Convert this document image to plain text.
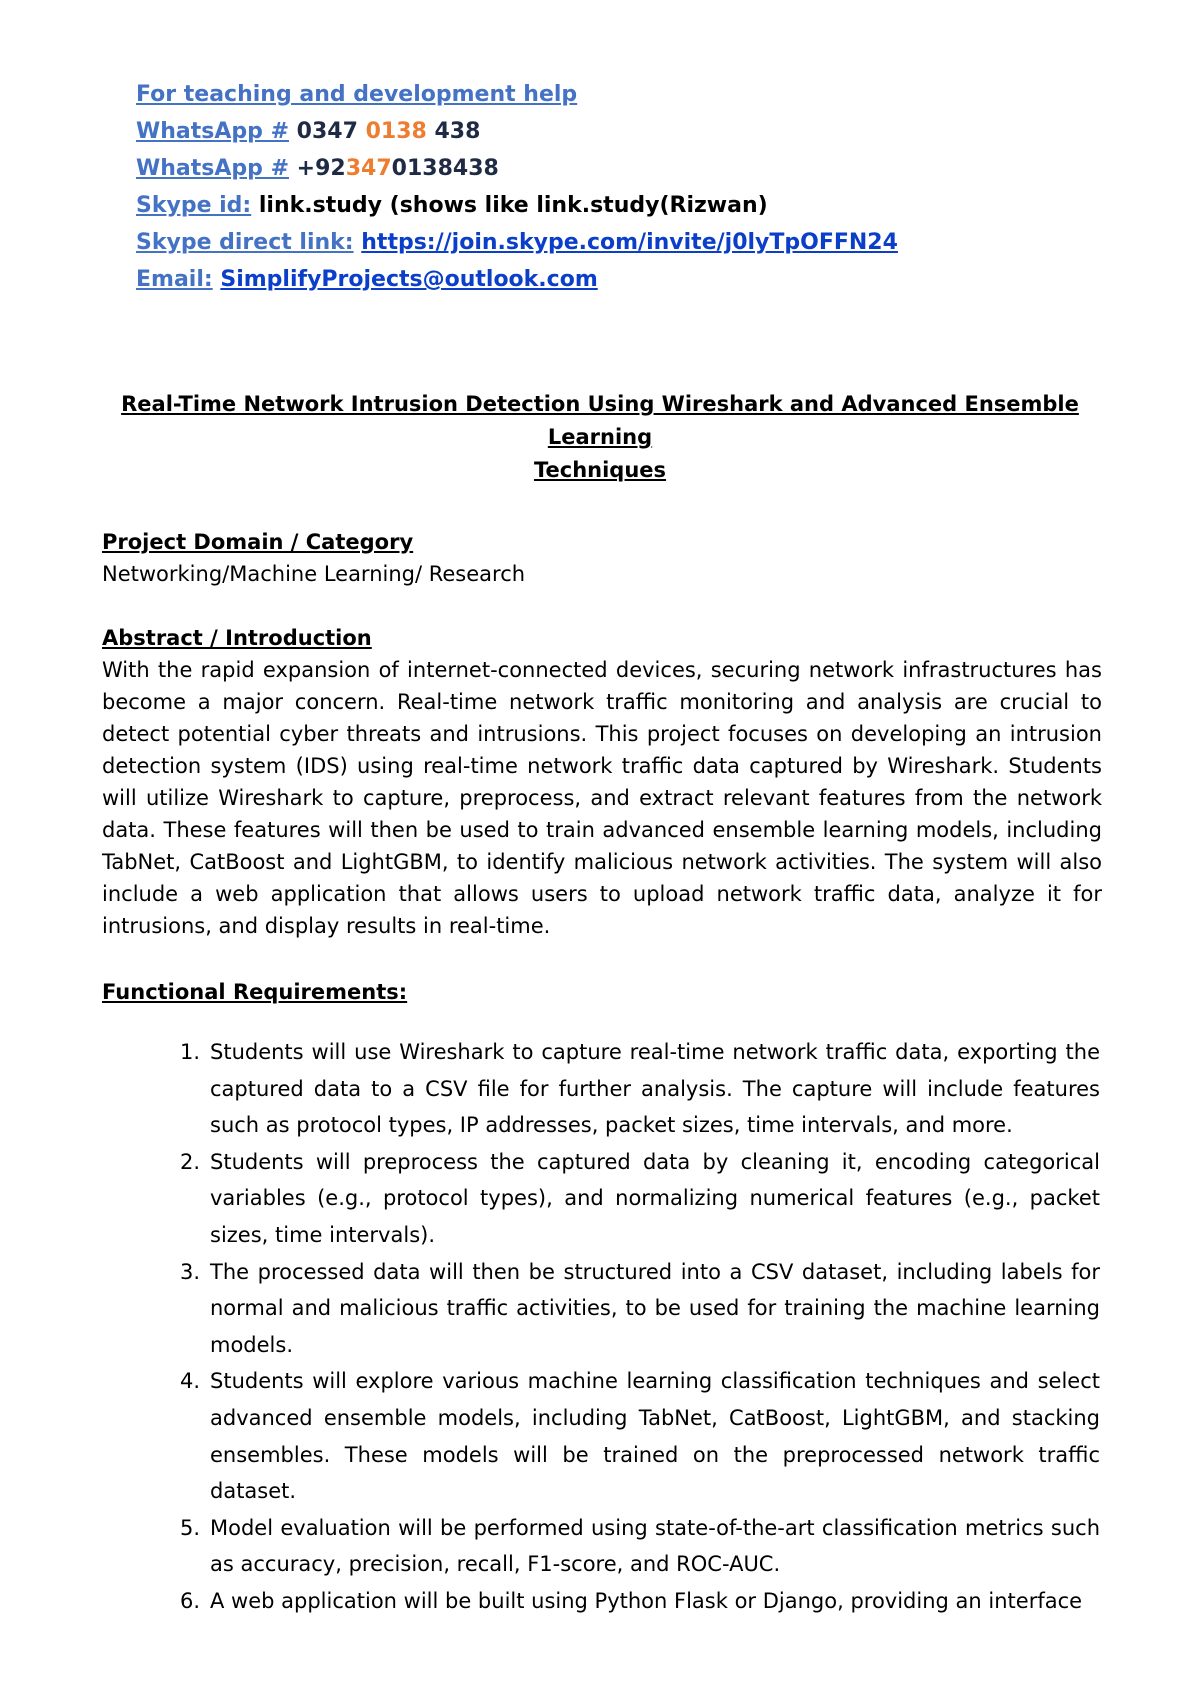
For teaching and development help
WhatsApp # 0347 0138 438
WhatsApp # +923470138438
Skype id: link.study (shows like link.study(Rizwan)
Skype direct link: https://join.skype.com/invite/j0lyTpOFFN24
Email: SimplifyProjects@outlook.com
Real-Time Network Intrusion Detection Using Wireshark and Advanced Ensemble Learning
Techniques
Project Domain / Category
Networking/Machine Learning/ Research
Abstract / Introduction
With the rapid expansion of internet-connected devices, securing network infrastructures has become a major concern. Real-time network traffic monitoring and analysis are crucial to detect potential cyber threats and intrusions. This project focuses on developing an intrusion detection system (IDS) using real-time network traffic data captured by Wireshark. Students will utilize Wireshark to capture, preprocess, and extract relevant features from the network data. These features will then be used to train advanced ensemble learning models, including TabNet, CatBoost and LightGBM, to identify malicious network activities. The system will also include a web application that allows users to upload network traffic data, analyze it for intrusions, and display results in real-time.
Functional Requirements:
1. Students will use Wireshark to capture real-time network traffic data, exporting the captured data to a CSV file for further analysis. The capture will include features such as protocol types, IP addresses, packet sizes, time intervals, and more.
2. Students will preprocess the captured data by cleaning it, encoding categorical variables (e.g., protocol types), and normalizing numerical features (e.g., packet sizes, time intervals).
3. The processed data will then be structured into a CSV dataset, including labels for normal and malicious traffic activities, to be used for training the machine learning models.
4. Students will explore various machine learning classification techniques and select advanced ensemble models, including TabNet, CatBoost, LightGBM, and stacking ensembles. These models will be trained on the preprocessed network traffic dataset.
5. Model evaluation will be performed using state-of-the-art classification metrics such as accuracy, precision, recall, F1-score, and ROC-AUC.
6. A web application will be built using Python Flask or Django, providing an interface
